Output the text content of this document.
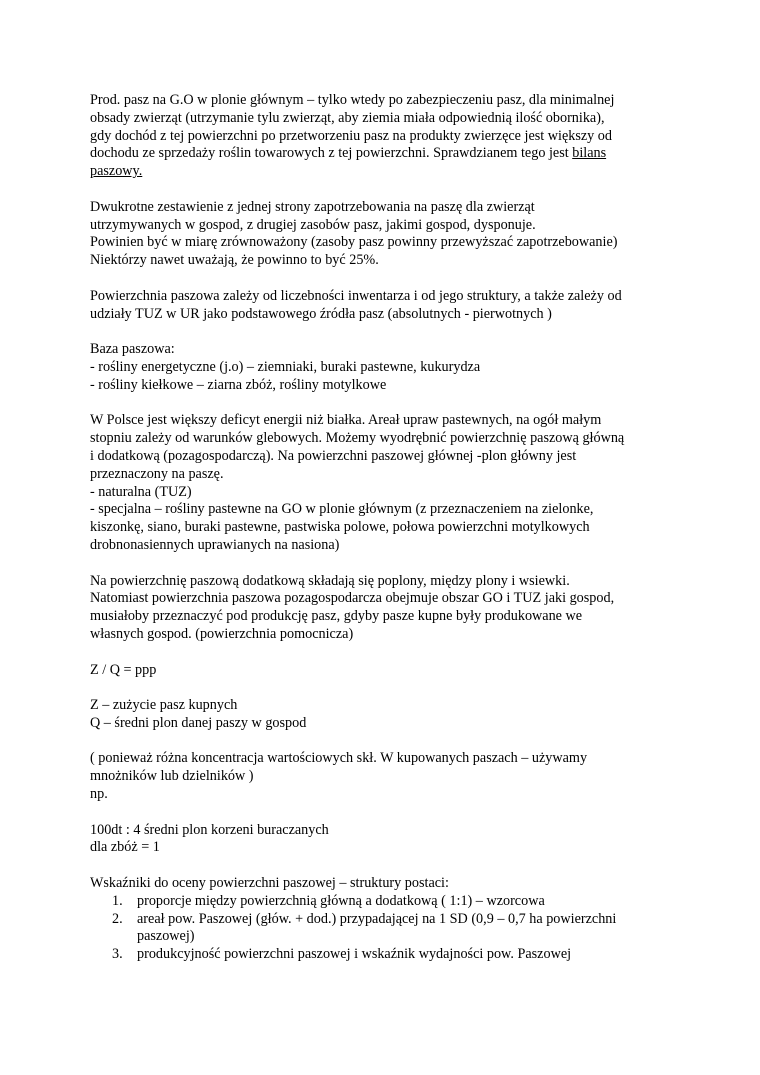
Prod. pasz na G.O w plonie głównym – tylko wtedy po zabezpieczeniu pasz, dla minimalnej
obsady zwierząt (utrzymanie tylu zwierząt, aby ziemia miała odpowiednią ilość obornika),
gdy dochód z tej powierzchni po przetworzeniu pasz na produkty zwierzęce jest większy od
dochodu ze sprzedaży roślin towarowych z tej powierzchni. Sprawdzianem tego jest bilans
paszowy.
Dwukrotne zestawienie z jednej strony zapotrzebowania na paszę dla zwierząt
utrzymywanych w gospod, z drugiej zasobów pasz, jakimi gospod, dysponuje.
Powinien być w miarę zrównoważony (zasoby pasz powinny przewyższać zapotrzebowanie)
Niektórzy nawet uważają, że powinno to być 25%.
Powierzchnia paszowa zależy od liczebności inwentarza i od jego struktury, a także zależy od
udziały TUZ w UR jako podstawowego źródła pasz (absolutnych - pierwotnych )
Baza paszowa:
- rośliny energetyczne (j.o) – ziemniaki, buraki pastewne, kukurydza
- rośliny kiełkowe – ziarna zbóż, rośliny motylkowe
W Polsce jest większy deficyt energii niż białka. Areał upraw pastewnych, na ogół małym
stopniu zależy od warunków glebowych. Możemy wyodrębnić powierzchnię paszową główną
i dodatkową (pozagospodarczą). Na powierzchni paszowej głównej -plon główny jest
przeznaczony na paszę.
- naturalna (TUZ)
- specjalna – rośliny pastewne na GO w plonie głównym (z przeznaczeniem na zielonke,
kiszonkę, siano, buraki pastewne, pastwiska polowe, połowa powierzchni motylkowych
drobnonasiennych uprawianych na nasiona)
Na powierzchnię paszową dodatkową składają się poplony, między plony i wsiewki.
Natomiast powierzchnia paszowa pozagospodarcza obejmuje obszar GO i TUZ jaki gospod,
musiałoby przeznaczyć pod produkcję pasz, gdyby pasze kupne były produkowane we
własnych gospod. (powierzchnia pomocnicza)
Z / Q = ppp
Z – zużycie pasz kupnych
Q – średni plon danej paszy w gospod
( ponieważ różna koncentracja wartościowych skł. W kupowanych paszach – używamy
mnożników lub dzielników )
np.
100dt : 4 średni plon korzeni buraczanych
dla zbóż = 1
Wskaźniki do oceny powierzchni paszowej – struktury postaci:
1. proporcje między powierzchnią główną a dodatkową ( 1:1) – wzorcowa
2. areał pow. Paszowej (głów. + dod.) przypadającej na 1 SD (0,9 – 0,7 ha powierzchni
paszowej)
3. produkcyjność powierzchni paszowej i wskaźnik wydajności pow. Paszowej
